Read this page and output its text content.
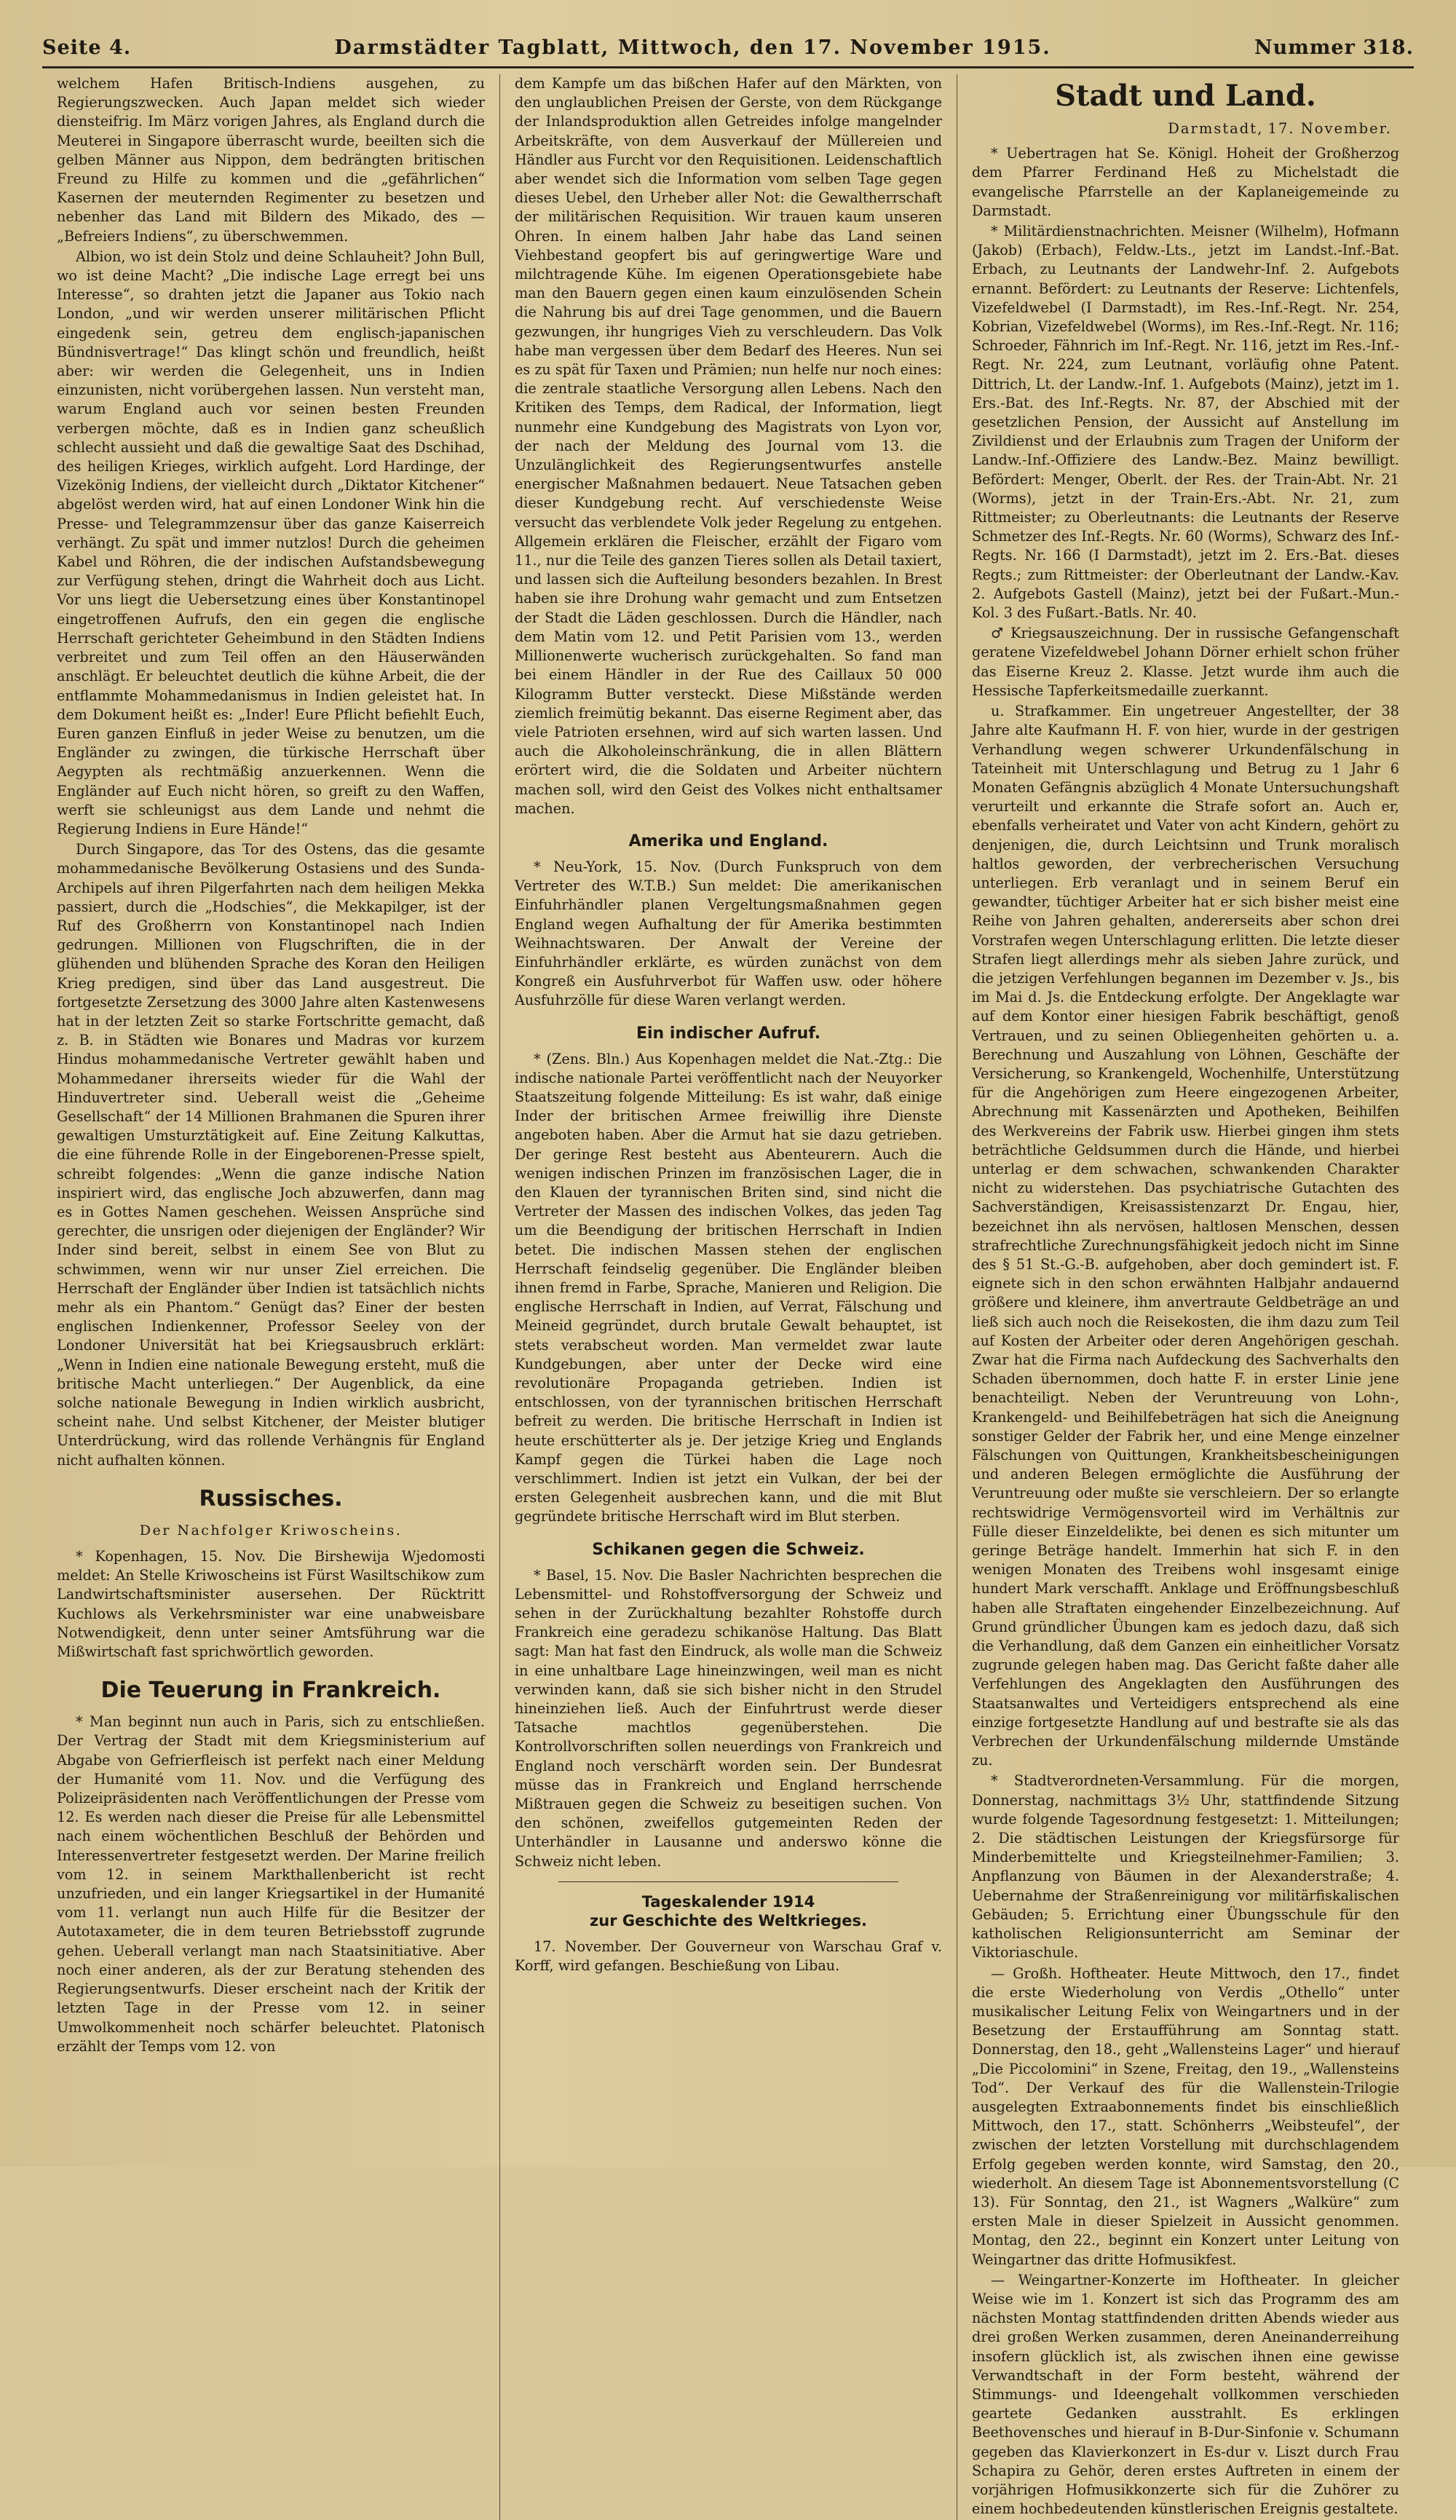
Seite 4.	Darmstädter Tagblatt, Mittwoch, den 17. November 1915.	Nummer 318.

welchem Hafen Britisch-Indiens ausgehen, zu Regierungszwecken. Auch Japan meldet sich wieder diensteifrig. Im März vorigen Jahres, als England durch die Meuterei in Singapore überrascht wurde, beeilten sich die gelben Männer aus Nippon, dem bedrängten britischen Freund zu Hilfe zu kommen und die „gefährlichen“ Kasernen der meuternden Regimenter zu besetzen und nebenher das Land mit Bildern des Mikado, des — „Befreiers Indiens“, zu überschwemmen.

Albion, wo ist dein Stolz und deine Schlauheit? John Bull, wo ist deine Macht? „Die indische Lage erregt bei uns Interesse“, so drahten jetzt die Japaner aus Tokio nach London, „und wir werden unserer militärischen Pflicht eingedenk sein, getreu dem englisch-japanischen Bündnisvertrage!“ Das klingt schön und freundlich, heißt aber: wir werden die Gelegenheit, uns in Indien einzunisten, nicht vorübergehen lassen. Nun versteht man, warum England auch vor seinen besten Freunden verbergen möchte, daß es in Indien ganz scheußlich schlecht aussieht und daß die gewaltige Saat des Dschihad, des heiligen Krieges, wirklich aufgeht. Lord Hardinge, der Vizekönig Indiens, der vielleicht durch „Diktator Kitchener“ abgelöst werden wird, hat auf einen Londoner Wink hin die Presse- und Telegrammzensur über das ganze Kaiserreich verhängt. Zu spät und immer nutzlos! Durch die geheimen Kabel und Röhren, die der indischen Aufstandsbewegung zur Verfügung stehen, dringt die Wahrheit doch aus Licht. Vor uns liegt die Uebersetzung eines über Konstantinopel eingetroffenen Aufrufs, den ein gegen die englische Herrschaft gerichteter Geheimbund in den Städten Indiens verbreitet und zum Teil offen an den Häuserwänden anschlägt. Er beleuchtet deutlich die kühne Arbeit, die der entflammte Mohammedanismus in Indien geleistet hat. In dem Dokument heißt es: „Inder! Eure Pflicht befiehlt Euch, Euren ganzen Einfluß in jeder Weise zu benutzen, um die Engländer zu zwingen, die türkische Herrschaft über Aegypten als rechtmäßig anzuerkennen. Wenn die Engländer auf Euch nicht hören, so greift zu den Waffen, werft sie schleunigst aus dem Lande und nehmt die Regierung Indiens in Eure Hände!“

Durch Singapore, das Tor des Ostens, das die gesamte mohammedanische Bevölkerung Ostasiens und des Sunda-Archipels auf ihren Pilgerfahrten nach dem heiligen Mekka passiert, durch die „Hodschies“, die Mekkapilger, ist der Ruf des Großherrn von Konstantinopel nach Indien gedrungen. Millionen von Flugschriften, die in der glühenden und blühenden Sprache des Koran den Heiligen Krieg predigen, sind über das Land ausgestreut. Die fortgesetzte Zersetzung des 3000 Jahre alten Kastenwesens hat in der letzten Zeit so starke Fortschritte gemacht, daß z. B. in Städten wie Bonares und Madras vor kurzem Hindus mohammedanische Vertreter gewählt haben und Mohammedaner ihrerseits wieder für die Wahl der Hinduvertreter sind. Ueberall weist die „Geheime Gesellschaft“ der 14 Millionen Brahmanen die Spuren ihrer gewaltigen Umsturztätigkeit auf. Eine Zeitung Kalkuttas, die eine führende Rolle in der Eingeborenen-Presse spielt, schreibt folgendes: „Wenn die ganze indische Nation inspiriert wird, das englische Joch abzuwerfen, dann mag es in Gottes Namen geschehen. Weissen Ansprüche sind gerechter, die unsrigen oder diejenigen der Engländer? Wir Inder sind bereit, selbst in einem See von Blut zu schwimmen, wenn wir nur unser Ziel erreichen. Die Herrschaft der Engländer über Indien ist tatsächlich nichts mehr als ein Phantom.“ Genügt das? Einer der besten englischen Indienkenner, Professor Seeley von der Londoner Universität hat bei Kriegsausbruch erklärt: „Wenn in Indien eine nationale Bewegung ersteht, muß die britische Macht unterliegen.“ Der Augenblick, da eine solche nationale Bewegung in Indien wirklich ausbricht, scheint nahe. Und selbst Kitchener, der Meister blutiger Unterdrückung, wird das rollende Verhängnis für England nicht aufhalten können.

Russisches.
Der Nachfolger Kriwoscheins.

* Kopenhagen, 15. Nov. Die Birshewija Wjedomosti meldet: An Stelle Kriwoscheins ist Fürst Wasiltschikow zum Landwirtschaftsminister ausersehen. Der Rücktritt Kuchlows als Verkehrsminister war eine unabweisbare Notwendigkeit, denn unter seiner Amtsführung war die Mißwirtschaft fast sprichwörtlich geworden.

Die Teuerung in Frankreich.

* Man beginnt nun auch in Paris, sich zu entschließen. Der Vertrag der Stadt mit dem Kriegsministerium auf Abgabe von Gefrierfleisch ist perfekt nach einer Meldung der Humanité vom 11. Nov. und die Verfügung des Polizeipräsidenten nach Veröffentlichungen der Presse vom 12. Es werden nach dieser die Preise für alle Lebensmittel nach einem wöchentlichen Beschluß der Behörden und Interessenvertreter festgesetzt werden. Der Marine freilich vom 12. in seinem Markthallenbericht ist recht unzufrieden, und ein langer Kriegsartikel in der Humanité vom 11. verlangt nun auch Hilfe für die Besitzer der Autotaxameter, die in dem teuren Betriebsstoff zugrunde gehen. Ueberall verlangt man nach Staatsinitiative. Aber noch einer anderen, als der zur Beratung stehenden des Regierungsentwurfs. Dieser erscheint nach der Kritik der letzten Tage in der Presse vom 12. in seiner Umwolkommenheit noch schärfer beleuchtet. Platonisch erzählt der Temps vom 12. von

dem Kampfe um das bißchen Hafer auf den Märkten, von den unglaublichen Preisen der Gerste, von dem Rückgange der Inlandsproduktion allen Getreides infolge mangelnder Arbeitskräfte, von dem Ausverkauf der Müllereien und Händler aus Furcht vor den Requisitionen. Leidenschaftlich aber wendet sich die Information vom selben Tage gegen dieses Uebel, den Urheber aller Not: die Gewaltherrschaft der militärischen Requisition. Wir trauen kaum unseren Ohren. In einem halben Jahr habe das Land seinen Viehbestand geopfert bis auf geringwertige Ware und milchtragende Kühe. Im eigenen Operationsgebiete habe man den Bauern gegen einen kaum einzulösenden Schein die Nahrung bis auf drei Tage genommen, und die Bauern gezwungen, ihr hungriges Vieh zu verschleudern. Das Volk habe man vergessen über dem Bedarf des Heeres. Nun sei es zu spät für Taxen und Prämien; nun helfe nur noch eines: die zentrale staatliche Versorgung allen Lebens. Nach den Kritiken des Temps, dem Radical, der Information, liegt nunmehr eine Kundgebung des Magistrats von Lyon vor, der nach der Meldung des Journal vom 13. die Unzulänglichkeit des Regierungsentwurfes anstelle energischer Maßnahmen bedauert. Neue Tatsachen geben dieser Kundgebung recht. Auf verschiedenste Weise versucht das verblendete Volk jeder Regelung zu entgehen. Allgemein erklären die Fleischer, erzählt der Figaro vom 11., nur die Teile des ganzen Tieres sollen als Detail taxiert, und lassen sich die Aufteilung besonders bezahlen. In Brest haben sie ihre Drohung wahr gemacht und zum Entsetzen der Stadt die Läden geschlossen. Durch die Händler, nach dem Matin vom 12. und Petit Parisien vom 13., werden Millionenwerte wucherisch zurückgehalten. So fand man bei einem Händler in der Rue des Caillaux 50 000 Kilogramm Butter versteckt. Diese Mißstände werden ziemlich freimütig bekannt. Das eiserne Regiment aber, das viele Patrioten ersehnen, wird auf sich warten lassen. Und auch die Alkoholeinschränkung, die in allen Blättern erörtert wird, die die Soldaten und Arbeiter nüchtern machen soll, wird den Geist des Volkes nicht enthaltsamer machen.

Amerika und England.

* Neu-York, 15. Nov. (Durch Funkspruch von dem Vertreter des W.T.B.) Sun meldet: Die amerikanischen Einfuhrhändler planen Vergeltungsmaßnahmen gegen England wegen Aufhaltung der für Amerika bestimmten Weihnachtswaren. Der Anwalt der Vereine der Einfuhrhändler erklärte, es würden zunächst von dem Kongreß ein Ausfuhrverbot für Waffen usw. oder höhere Ausfuhrzölle für diese Waren verlangt werden.

Ein indischer Aufruf.

* (Zens. Bln.) Aus Kopenhagen meldet die Nat.-Ztg.: Die indische nationale Partei veröffentlicht nach der Neuyorker Staatszeitung folgende Mitteilung: Es ist wahr, daß einige Inder der britischen Armee freiwillig ihre Dienste angeboten haben. Aber die Armut hat sie dazu getrieben. Der geringe Rest besteht aus Abenteurern. Auch die wenigen indischen Prinzen im französischen Lager, die in den Klauen der tyrannischen Briten sind, sind nicht die Vertreter der Massen des indischen Volkes, das jeden Tag um die Beendigung der britischen Herrschaft in Indien betet. Die indischen Massen stehen der englischen Herrschaft feindselig gegenüber. Die Engländer bleiben ihnen fremd in Farbe, Sprache, Manieren und Religion. Die englische Herrschaft in Indien, auf Verrat, Fälschung und Meineid gegründet, durch brutale Gewalt behauptet, ist stets verabscheut worden. Man vermeldet zwar laute Kundgebungen, aber unter der Decke wird eine revolutionäre Propaganda getrieben. Indien ist entschlossen, von der tyrannischen britischen Herrschaft befreit zu werden. Die britische Herrschaft in Indien ist heute erschütterter als je. Der jetzige Krieg und Englands Kampf gegen die Türkei haben die Lage noch verschlimmert. Indien ist jetzt ein Vulkan, der bei der ersten Gelegenheit ausbrechen kann, und die mit Blut gegründete britische Herrschaft wird im Blut sterben.

Schikanen gegen die Schweiz.

* Basel, 15. Nov. Die Basler Nachrichten besprechen die Lebensmittel- und Rohstoffversorgung der Schweiz und sehen in der Zurückhaltung bezahlter Rohstoffe durch Frankreich eine geradezu schikanöse Haltung. Das Blatt sagt: Man hat fast den Eindruck, als wolle man die Schweiz in eine unhaltbare Lage hineinzwingen, weil man es nicht verwinden kann, daß sie sich bisher nicht in den Strudel hineinziehen ließ. Auch der Einfuhrtrust werde dieser Tatsache machtlos gegenüberstehen. Die Kontrollvorschriften sollen neuerdings von Frankreich und England noch verschärft worden sein. Der Bundesrat müsse das in Frankreich und England herrschende Mißtrauen gegen die Schweiz zu beseitigen suchen. Von den schönen, zweifellos gutgemeinten Reden der Unterhändler in Lausanne und anderswo könne die Schweiz nicht leben.

Tageskalender 1914
zur Geschichte des Weltkrieges.

17. November. Der Gouverneur von Warschau Graf v. Korff, wird gefangen. Beschießung von Libau.

Stadt und Land.
Darmstadt, 17. November.

* Uebertragen hat Se. Königl. Hoheit der Großherzog dem Pfarrer Ferdinand Heß zu Michelstadt die evangelische Pfarrstelle an der Kaplaneigemeinde zu Darmstadt.

* Militärdienstnachrichten. Meisner (Wilhelm), Hofmann (Jakob) (Erbach), Feldw.-Lts., jetzt im Landst.-Inf.-Bat. Erbach, zu Leutnants der Landwehr-Inf. 2. Aufgebots ernannt. Befördert: zu Leutnants der Reserve: Lichtenfels, Vizefeldwebel (I Darmstadt), im Res.-Inf.-Regt. Nr. 254, Kobrian, Vizefeldwebel (Worms), im Res.-Inf.-Regt. Nr. 116; Schroeder, Fähnrich im Inf.-Regt. Nr. 116, jetzt im Res.-Inf.-Regt. Nr. 224, zum Leutnant, vorläufig ohne Patent. Dittrich, Lt. der Landw.-Inf. 1. Aufgebots (Mainz), jetzt im 1. Ers.-Bat. des Inf.-Regts. Nr. 87, der Abschied mit der gesetzlichen Pension, der Aussicht auf Anstellung im Zivildienst und der Erlaubnis zum Tragen der Uniform der Landw.-Inf.-Offiziere des Landw.-Bez. Mainz bewilligt. Befördert: Menger, Oberlt. der Res. der Train-Abt. Nr. 21 (Worms), jetzt in der Train-Ers.-Abt. Nr. 21, zum Rittmeister; zu Oberleutnants: die Leutnants der Reserve Schmetzer des Inf.-Regts. Nr. 60 (Worms), Schwarz des Inf.-Regts. Nr. 166 (I Darmstadt), jetzt im 2. Ers.-Bat. dieses Regts.; zum Rittmeister: der Oberleutnant der Landw.-Kav. 2. Aufgebots Gastell (Mainz), jetzt bei der Fußart.-Mun.-Kol. 3 des Fußart.-Batls. Nr. 40.

♂ Kriegsauszeichnung. Der in russische Gefangenschaft geratene Vizefeldwebel Johann Dörner erhielt schon früher das Eiserne Kreuz 2. Klasse. Jetzt wurde ihm auch die Hessische Tapferkeitsmedaille zuerkannt.

u. Strafkammer. Ein ungetreuer Angestellter, der 38 Jahre alte Kaufmann H. F. von hier, wurde in der gestrigen Verhandlung wegen schwerer Urkundenfälschung in Tateinheit mit Unterschlagung und Betrug zu 1 Jahr 6 Monaten Gefängnis abzüglich 4 Monate Untersuchungshaft verurteilt und erkannte die Strafe sofort an. Auch er, ebenfalls verheiratet und Vater von acht Kindern, gehört zu denjenigen, die, durch Leichtsinn und Trunk moralisch haltlos geworden, der verbrecherischen Versuchung unterliegen. Erb veranlagt und in seinem Beruf ein gewandter, tüchtiger Arbeiter hat er sich bisher meist eine Reihe von Jahren gehalten, andererseits aber schon drei Vorstrafen wegen Unterschlagung erlitten. Die letzte dieser Strafen liegt allerdings mehr als sieben Jahre zurück, und die jetzigen Verfehlungen begannen im Dezember v. Js., bis im Mai d. Js. die Entdeckung erfolgte. Der Angeklagte war auf dem Kontor einer hiesigen Fabrik beschäftigt, genoß Vertrauen, und zu seinen Obliegenheiten gehörten u. a. Berechnung und Auszahlung von Löhnen, Geschäfte der Versicherung, so Krankengeld, Wochenhilfe, Unterstützung für die Angehörigen zum Heere eingezogenen Arbeiter, Abrechnung mit Kassenärzten und Apotheken, Beihilfen des Werkvereins der Fabrik usw. Hierbei gingen ihm stets beträchtliche Geldsummen durch die Hände, und hierbei unterlag er dem schwachen, schwankenden Charakter nicht zu widerstehen. Das psychiatrische Gutachten des Sachverständigen, Kreisassistenzarzt Dr. Engau, hier, bezeichnet ihn als nervösen, haltlosen Menschen, dessen strafrechtliche Zurechnungsfähigkeit jedoch nicht im Sinne des § 51 St.-G.-B. aufgehoben, aber doch gemindert ist. F. eignete sich in den schon erwähnten Halbjahr andauernd größere und kleinere, ihm anvertraute Geldbeträge an und ließ sich auch noch die Reisekosten, die ihm dazu zum Teil auf Kosten der Arbeiter oder deren Angehörigen geschah. Zwar hat die Firma nach Aufdeckung des Sachverhalts den Schaden übernommen, doch hatte F. in erster Linie jene benachteiligt. Neben der Veruntreuung von Lohn-, Krankengeld- und Beihilfebeträgen hat sich die Aneignung sonstiger Gelder der Fabrik her, und eine Menge einzelner Fälschungen von Quittungen, Krankheitsbescheinigungen und anderen Belegen ermöglichte die Ausführung der Veruntreuung oder mußte sie verschleiern. Der so erlangte rechtswidrige Vermögensvorteil wird im Verhältnis zur Fülle dieser Einzeldelikte, bei denen es sich mitunter um geringe Beträge handelt. Immerhin hat sich F. in den wenigen Monaten des Treibens wohl insgesamt einige hundert Mark verschafft. Anklage und Eröffnungsbeschluß haben alle Straftaten eingehender Einzelbezeichnung. Auf Grund gründlicher Übungen kam es jedoch dazu, daß sich die Verhandlung, daß dem Ganzen ein einheitlicher Vorsatz zugrunde gelegen haben mag. Das Gericht faßte daher alle Verfehlungen des Angeklagten den Ausführungen des Staatsanwaltes und Verteidigers entsprechend als eine einzige fortgesetzte Handlung auf und bestrafte sie als das Verbrechen der Urkundenfälschung mildernde Umstände zu.

* Stadtverordneten-Versammlung. Für die morgen, Donnerstag, nachmittags 3½ Uhr, stattfindende Sitzung wurde folgende Tagesordnung festgesetzt: 1. Mitteilungen; 2. Die städtischen Leistungen der Kriegsfürsorge für Minderbemittelte und Kriegsteilnehmer-Familien; 3. Anpflanzung von Bäumen in der Alexanderstraße; 4. Uebernahme der Straßenreinigung vor militärfiskalischen Gebäuden; 5. Errichtung einer Übungsschule für den katholischen Religionsunterricht am Seminar der Viktoriaschule.

— Großh. Hoftheater. Heute Mittwoch, den 17., findet die erste Wiederholung von Verdis „Othello“ unter musikalischer Leitung Felix von Weingartners und in der Besetzung der Erstaufführung am Sonntag statt. Donnerstag, den 18., geht „Wallensteins Lager“ und hierauf „Die Piccolomini“ in Szene, Freitag, den 19., „Wallensteins Tod“. Der Verkauf des für die Wallenstein-Trilogie ausgelegten Extraabonnements findet bis einschließlich Mittwoch, den 17., statt. Schönherrs „Weibsteufel“, der zwischen der letzten Vorstellung mit durchschlagendem Erfolg gegeben werden konnte, wird Samstag, den 20., wiederholt. An diesem Tage ist Abonnementsvorstellung (C 13). Für Sonntag, den 21., ist Wagners „Walküre“ zum ersten Male in dieser Spielzeit in Aussicht genommen. Montag, den 22., beginnt ein Konzert unter Leitung von Weingartner das dritte Hofmusikfest.

— Weingartner-Konzerte im Hoftheater. In gleicher Weise wie im 1. Konzert ist sich das Programm des am nächsten Montag stattfindenden dritten Abends wieder aus drei großen Werken zusammen, deren Aneinanderreihung insofern glücklich ist, als zwischen ihnen eine gewisse Verwandtschaft in der Form besteht, während der Stimmungs- und Ideengehalt vollkommen verschieden geartete Gedanken ausstrahlt. Es erklingen Beethovensches und hierauf in B-Dur-Sinfonie v. Schumann gegeben das Klavierkonzert in Es-dur v. Liszt durch Frau Schapira zu Gehör, deren erstes Auftreten in einem der vorjährigen Hofmusikkonzerte sich für die Zuhörer zu einem hochbedeutenden künstlerischen Ereignis gestaltete.
